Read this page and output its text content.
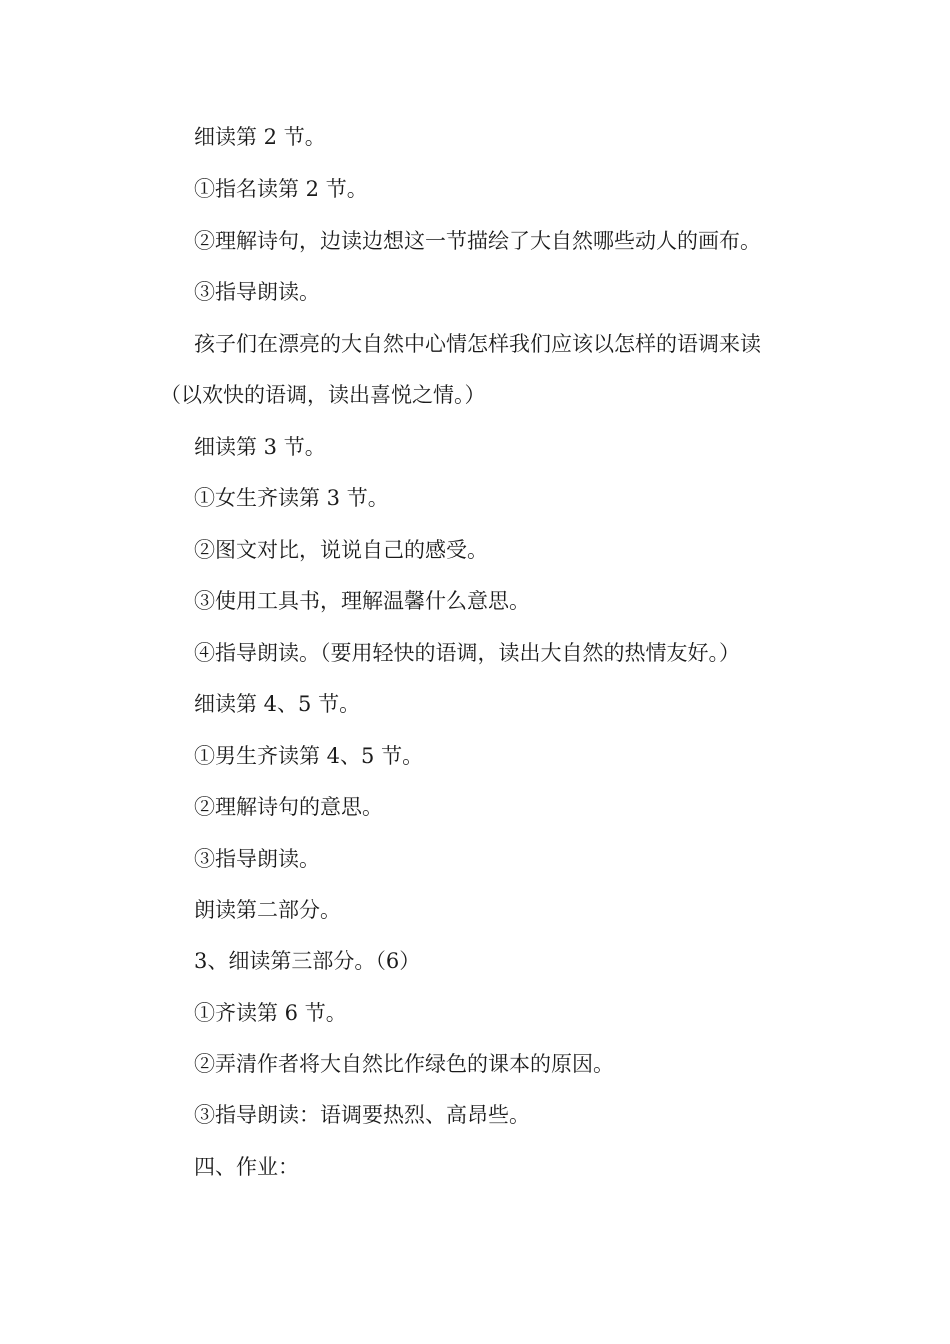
细读第 2 节。
①指名读第 2 节。
②理解诗句，边读边想这一节描绘了大自然哪些动人的画布。
③指导朗读。
孩子们在漂亮的大自然中心情怎样我们应该以怎样的语调来读
（以欢快的语调，读出喜悦之情。）
细读第 3 节。
①女生齐读第 3 节。
②图文对比，说说自己的感受。
③使用工具书，理解温馨什么意思。
④指导朗读。（要用轻快的语调，读出大自然的热情友好。）
细读第 4、5 节。
①男生齐读第 4、5 节。
②理解诗句的意思。
③指导朗读。
朗读第二部分。
3、细读第三部分。（6）
①齐读第 6 节。
②弄清作者将大自然比作绿色的课本的原因。
③指导朗读：语调要热烈、高昂些。
四、作业：
